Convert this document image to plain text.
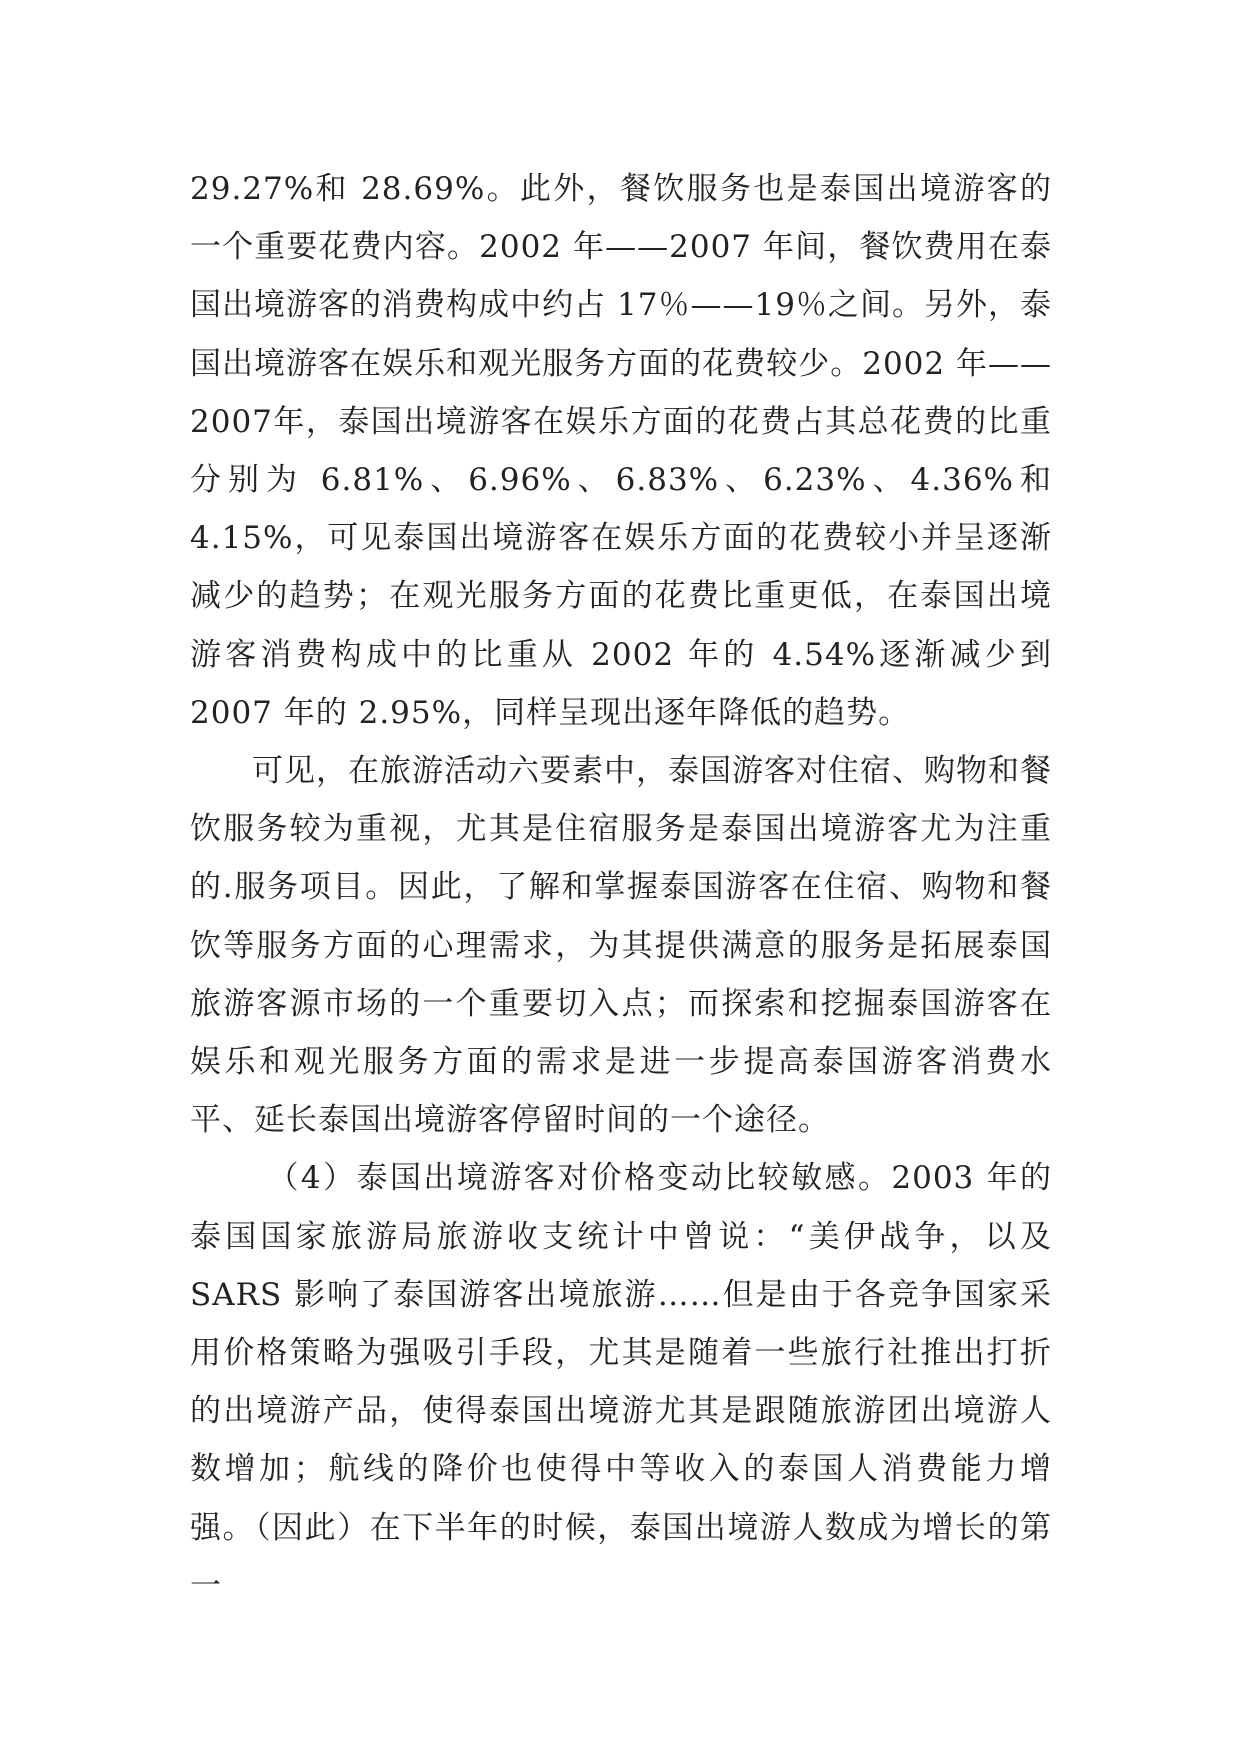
29.27%和 28.69%。此外，餐饮服务也是泰国出境游客的一个重要花费内容。2002 年——2007 年间，餐饮费用在泰国出境游客的消费构成中约占 17％——19％之间。另外，泰国出境游客在娱乐和观光服务方面的花费较少。2002 年——2007年，泰国出境游客在娱乐方面的花费占其总花费的比重分别为 6.81%、6.96%、6.83%、6.23%、4.36%和 4.15%，可见泰国出境游客在娱乐方面的花费较小并呈逐渐减少的趋势；在观光服务方面的花费比重更低，在泰国出境游客消费构成中的比重从 2002 年的 4.54%逐渐减少到 2007 年的 2.95%，同样呈现出逐年降低的趋势。

可见，在旅游活动六要素中，泰国游客对住宿、购物和餐饮服务较为重视，尤其是住宿服务是泰国出境游客尤为注重的.服务项目。因此，了解和掌握泰国游客在住宿、购物和餐饮等服务方面的心理需求，为其提供满意的服务是拓展泰国旅游客源市场的一个重要切入点；而探索和挖掘泰国游客在娱乐和观光服务方面的需求是进一步提高泰国游客消费水平、延长泰国出境游客停留时间的一个途径。

（4）泰国出境游客对价格变动比较敏感。2003 年的泰国国家旅游局旅游收支统计中曾说：“美伊战争，以及 SARS 影响了泰国游客出境旅游……但是由于各竞争国家采用价格策略为强吸引手段，尤其是随着一些旅行社推出打折的出境游产品，使得泰国出境游尤其是跟随旅游团出境游人数增加；航线的降价也使得中等收入的泰国人消费能力增强。（因此）在下半年的时候，泰国出境游人数成为增长的第一
